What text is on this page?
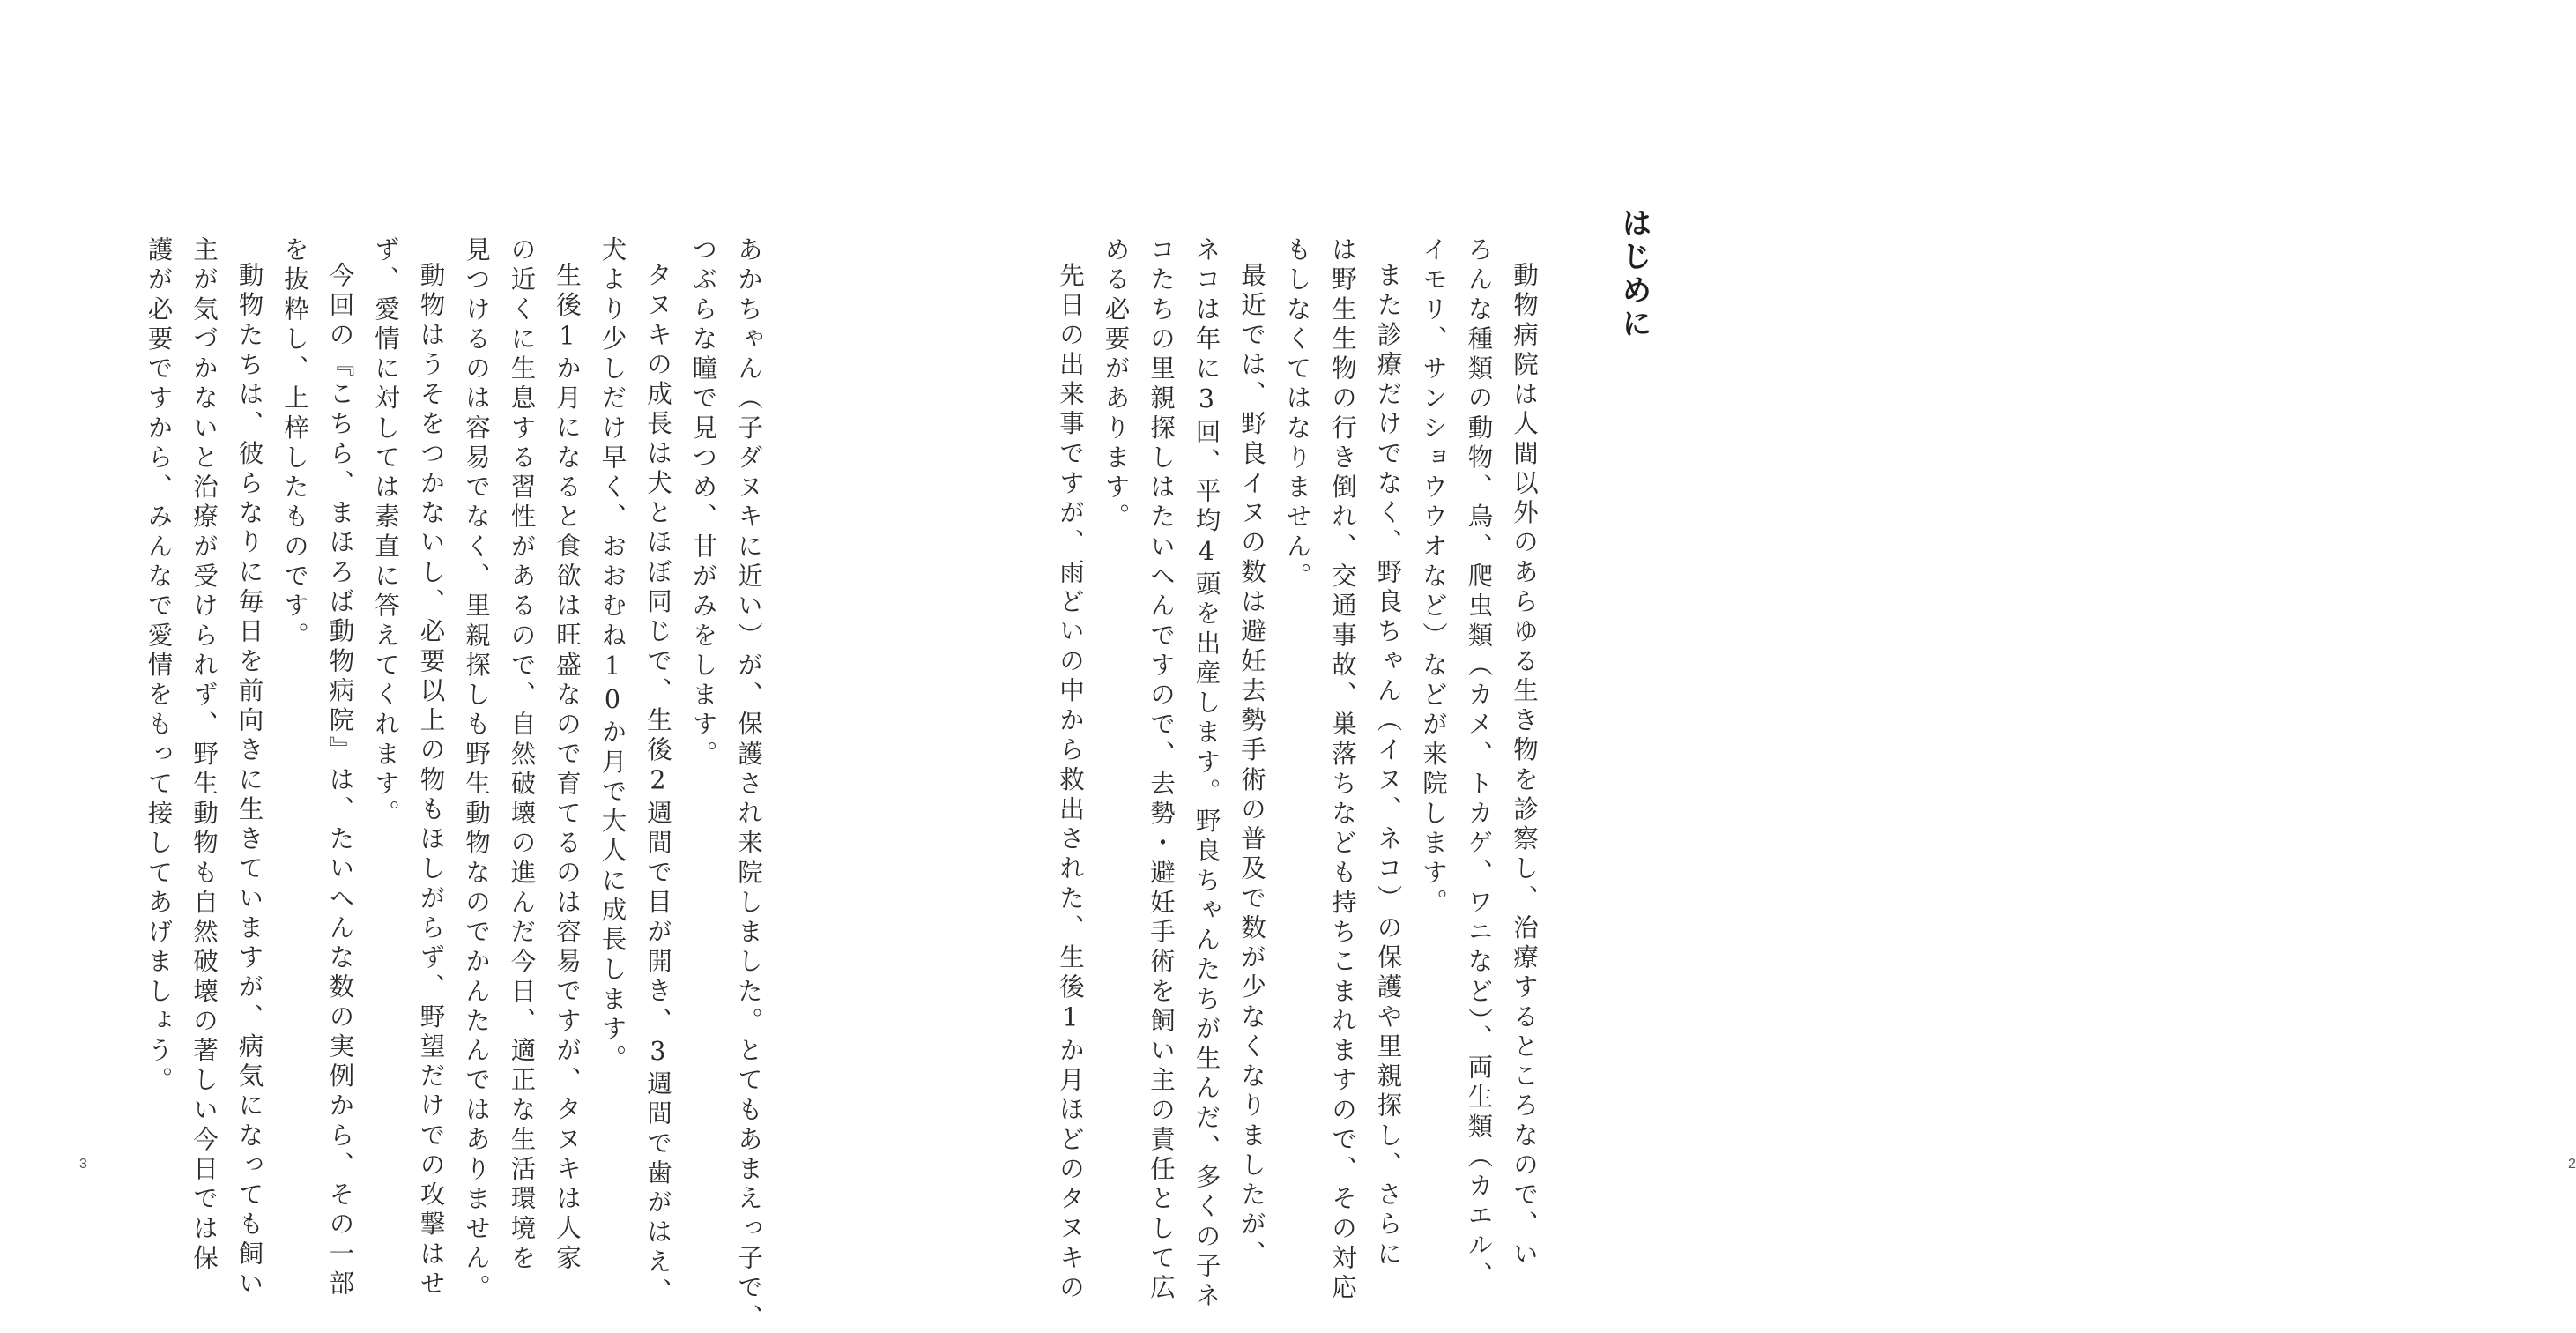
はじめに
動物病院は人間以外のあらゆる生き物を診察し、治療するところなので、い
ろんな種類の動物、鳥、爬虫類（カメ、トカゲ、ワニなど）、両生類（カエル、
イモリ、サンショウウオなど）などが来院します。
また診療だけでなく、野良ちゃん（イヌ、ネコ）の保護や里親探し、さらに
は野生生物の行き倒れ、交通事故、巣落ちなども持ちこまれますので、その対応
もしなくてはなりません。
最近では、野良イヌの数は避妊去勢手術の普及で数が少なくなりましたが、
ネコは年に3回、平均4頭を出産します。野良ちゃんたちが生んだ、多くの子ネ
コたちの里親探しはたいへんですので、去勢・避妊手術を飼い主の責任として広
める必要があります。
先日の出来事ですが、雨どいの中から救出された、生後1か月ほどのタヌキの	2
あかちゃん（子ダヌキに近い）が、保護され来院しました。とてもあまえっ子で、
つぶらな瞳で見つめ、甘がみをします。
タヌキの成長は犬とほぼ同じで、生後2週間で目が開き、3週間で歯がはえ、
犬より少しだけ早く、おおむね10か月で大人に成長します。
生後1か月になると食欲は旺盛なので育てるのは容易ですが、タヌキは人家
の近くに生息する習性があるので、自然破壊の進んだ今日、適正な生活環境を
見つけるのは容易でなく、里親探しも野生動物なのでかんたんではありません。
動物はうそをつかないし、必要以上の物もほしがらず、野望だけでの攻撃はせ
ず、愛情に対しては素直に答えてくれます。
今回の『こちら、まほろば動物病院』は、たいへんな数の実例から、その一部
を抜粋し、上梓したものです。
動物たちは、彼らなりに毎日を前向きに生きていますが、病気になっても飼い
主が気づかないと治療が受けられず、野生動物も自然破壊の著しい今日では保
護が必要ですから、みんなで愛情をもって接してあげましょう。
3
